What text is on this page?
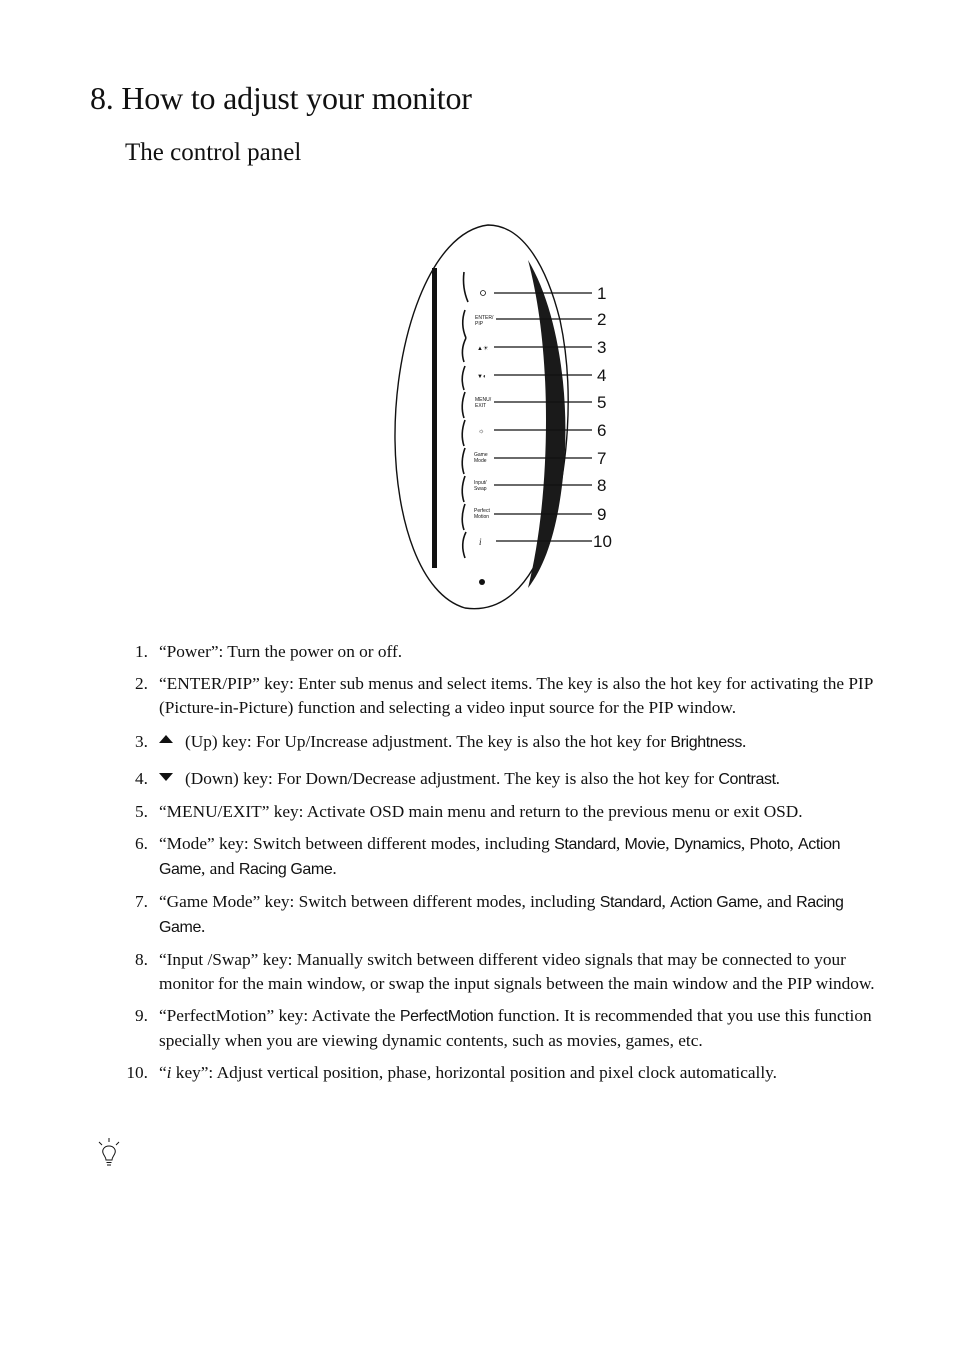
8. How to adjust your monitor
The control panel
ENTER/
PIP
▲☀
▼◐
MENU/
EXIT
☼
Game
Mode
Input/
Swap
Perfect
Motion
i
1
2
3
4
5
6
7
8
9
10
1. “Power”: Turn the power on or off.
2. “ENTER/PIP” key: Enter sub menus and select items. The key is also the hot key for activating the PIP (Picture-in-Picture) function and selecting a video input source for the PIP window.
3. (Up) key: For Up/Increase adjustment. The key is also the hot key for Brightness.
4. (Down) key: For Down/Decrease adjustment. The key is also the hot key for Contrast.
5. “MENU/EXIT” key: Activate OSD main menu and return to the previous menu or exit OSD.
6. “Mode” key: Switch between different modes, including Standard, Movie, Dynamics, Photo, Action Game, and Racing Game.
7. “Game Mode” key: Switch between different modes, including Standard, Action Game, and Racing Game.
8. “Input /Swap” key: Manually switch between different video signals that may be connected to your monitor for the main window, or swap the input signals between the main window and the PIP window.
9. “PerfectMotion” key: Activate the PerfectMotion function. It is recommended that you use this function specially when you are viewing dynamic contents, such as movies, games, etc.
10. “i key”: Adjust vertical position, phase, horizontal position and pixel clock automatically.
